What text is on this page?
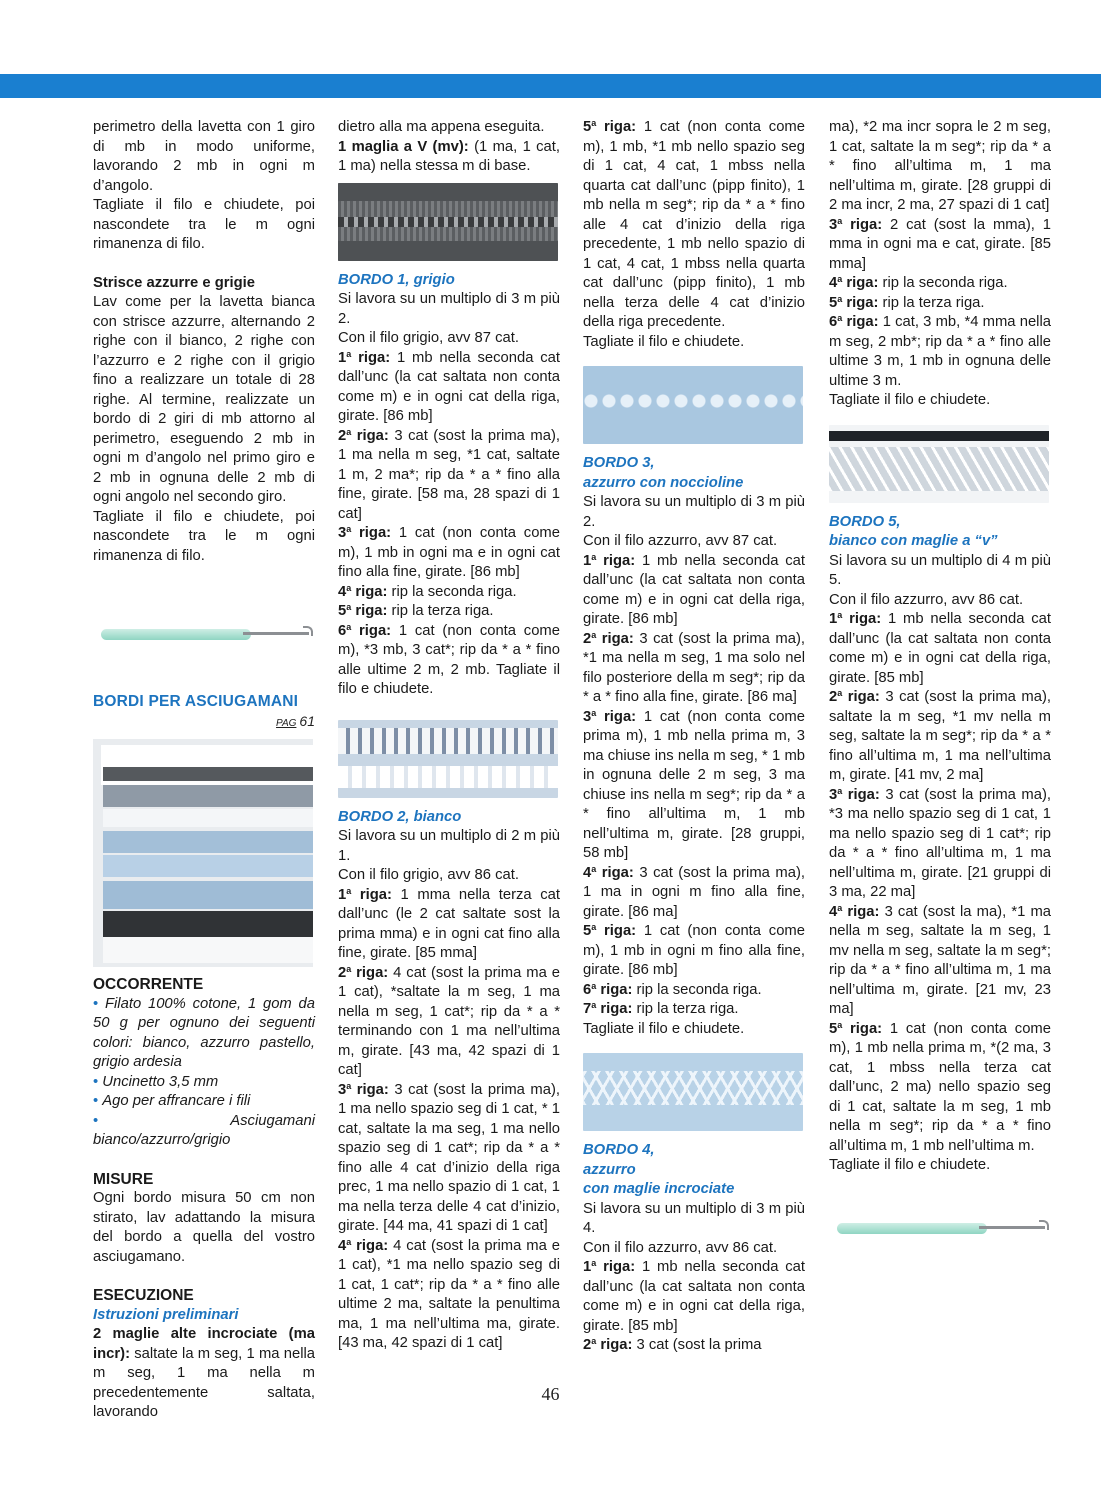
perimetro della lavetta con 1 giro di mb in modo uniforme, lavorando 2 mb in ogni m d’angolo.

Tagliate il filo e chiudete, poi nascondete tra le m ogni rimanenza di filo.

Strisce azzurre e grigie

Lav come per la lavetta bianca con strisce azzurre, alternando 2 righe con il bianco, 2 righe con l’azzurro e 2 righe con il grigio fino a realizzare un totale di 28 righe. Al termine, realizzate un bordo di 2 giri di mb attorno al perimetro, eseguendo 2 mb in ogni m d’angolo nel primo giro e 2 mb in ognuna delle 2 mb di ogni angolo nel secondo giro.

Tagliate il filo e chiudete, poi nascondete tra le m ogni rimanenza di filo.

BORDI PER ASCIUGAMANI

PAG 61

OCCORRENTE

• Filato 100% cotone, 1 gom da 50 g per ognuno dei seguenti colori: bianco, azzurro pastello, grigio ardesia
• Uncinetto 3,5 mm
• Ago per affrancare i fili
• Asciugamani bianco/azzurro/grigio

MISURE

Ogni bordo misura 50 cm non stirato, lav adattando la misura del bordo a quella del vostro asciugamano.

ESECUZIONE

Istruzioni preliminari

2 maglie alte incrociate (ma incr): saltate la m seg, 1 ma nella m seg, 1 ma nella m precedentemente saltata, lavorando

dietro alla ma appena eseguita.

1 maglia a V (mv): (1 ma, 1 cat, 1 ma) nella stessa m di base.

BORDO 1, grigio

Si lavora su un multiplo di 3 m più 2.

Con il filo grigio, avv 87 cat.

1$^a$ riga: 1 mb nella seconda cat dall’unc (la cat saltata non conta come m) e in ogni cat della riga, girate. [86 mb]

2$^a$ riga: 3 cat (sost la prima ma), 1 ma nella m seg, *1 cat, saltate 1 m, 2 ma*; rip da * a * fino alla fine, girate. [58 ma, 28 spazi di 1 cat]

3$^a$ riga: 1 cat (non conta come m), 1 mb in ogni ma e in ogni cat fino alla fine, girate. [86 mb]

4$^a$ riga: rip la seconda riga.

5$^a$ riga: rip la terza riga.

6$^a$ riga: 1 cat (non conta come m), *3 mb, 3 cat*; rip da * a * fino alle ultime 2 m, 2 mb. Tagliate il filo e chiudete.

BORDO 2, bianco

Si lavora su un multiplo di 2 m più 1.

Con il filo grigio, avv 86 cat.

1$^a$ riga: 1 mma nella terza cat dall’unc (le 2 cat saltate sost la prima mma) e in ogni cat fino alla fine, girate. [85 mma]

2$^a$ riga: 4 cat (sost la prima ma e 1 cat), *saltate la m seg, 1 ma nella m seg, 1 cat*; rip da * a * terminando con 1 ma nell’ultima m, girate. [43 ma, 42 spazi di 1 cat]

3$^a$ riga: 3 cat (sost la prima ma), 1 ma nello spazio seg di 1 cat, * 1 cat, saltate la ma seg, 1 ma nello spazio seg di 1 cat*; rip da * a * fino alle 4 cat d’inizio della riga prec, 1 ma nello spazio di 1 cat, 1 ma nella terza delle 4 cat d’inizio, girate. [44 ma, 41 spazi di 1 cat]

4$^a$ riga: 4 cat (sost la prima ma e 1 cat), *1 ma nello spazio seg di 1 cat, 1 cat*; rip da * a * fino alle ultime 2 ma, saltate la penultima ma, 1 ma nell’ultima ma, girate. [43 ma, 42 spazi di 1 cat]

5$^a$ riga: 1 cat (non conta come m), 1 mb, *1 mb nello spazio seg di 1 cat, 4 cat, 1 mbss nella quarta cat dall’unc (pipp finito), 1 mb nella m seg*; rip da * a * fino alle 4 cat d’inizio della riga precedente, 1 mb nello spazio di 1 cat, 4 cat, 1 mbss nella quarta cat dall’unc (pipp finito), 1 mb nella terza delle 4 cat d’inizio della riga precedente.

Tagliate il filo e chiudete.

BORDO 3,

azzurro con noccioline

Si lavora su un multiplo di 3 m più 2.

Con il filo azzurro, avv 87 cat.

1$^a$ riga: 1 mb nella seconda cat dall’unc (la cat saltata non conta come m) e in ogni cat della riga, girate. [86 mb]

2$^a$ riga: 3 cat (sost la prima ma), *1 ma nella m seg, 1 ma solo nel filo posteriore della m seg*; rip da * a * fino alla fine, girate. [86 ma]

3$^a$ riga: 1 cat (non conta come prima m), 1 mb nella prima m, 3 ma chiuse ins nella m seg, * 1 mb in ognuna delle 2 m seg, 3 ma chiuse ins nella m seg*; rip da * a * fino all’ultima m, 1 mb nell’ultima m, girate. [28 gruppi, 58 mb]

4$^a$ riga: 3 cat (sost la prima ma), 1 ma in ogni m fino alla fine, girate. [86 ma]

5$^a$ riga: 1 cat (non conta come m), 1 mb in ogni m fino alla fine, girate. [86 mb]

6$^a$ riga: rip la seconda riga.

7$^a$ riga: rip la terza riga.

Tagliate il filo e chiudete.

BORDO 4,

azzurro

con maglie incrociate

Si lavora su un multiplo di 3 m più 4.

Con il filo azzurro, avv 86 cat.

1$^a$ riga: 1 mb nella seconda cat dall’unc (la cat saltata non conta come m) e in ogni cat della riga, girate. [85 mb]

2$^a$ riga: 3 cat (sost la prima

ma), *2 ma incr sopra le 2 m seg, 1 cat, saltate la m seg*; rip da * a * fino all’ultima m, 1 ma nell’ultima m, girate. [28 gruppi di 2 ma incr, 2 ma, 27 spazi di 1 cat]

3$^a$ riga: 2 cat (sost la mma), 1 mma in ogni ma e cat, girate. [85 mma]

4$^a$ riga: rip la seconda riga.

5$^a$ riga: rip la terza riga.

6$^a$ riga: 1 cat, 3 mb, *4 mma nella m seg, 2 mb*; rip da * a * fino alle ultime 3 m, 1 mb in ognuna delle ultime 3 m.

Tagliate il filo e chiudete.

BORDO 5,

bianco con maglie a “v”

Si lavora su un multiplo di 4 m più 5.

Con il filo azzurro, avv 86 cat.

1$^a$ riga: 1 mb nella seconda cat dall’unc (la cat saltata non conta come m) e in ogni cat della riga, girate. [85 mb]

2$^a$ riga: 3 cat (sost la prima ma), saltate la m seg, *1 mv nella m seg, saltate la m seg*; rip da * a * fino all’ultima m, 1 ma nell’ultima m, girate. [41 mv, 2 ma]

3$^a$ riga: 3 cat (sost la prima ma), *3 ma nello spazio seg di 1 cat, 1 ma nello spazio seg di 1 cat*; rip da * a * fino all’ultima m, 1 ma nell’ultima m, girate. [21 gruppi di 3 ma, 22 ma]

4$^a$ riga: 3 cat (sost la ma), *1 ma nella m seg, saltate la m seg, 1 mv nella m seg, saltate la m seg*; rip da * a * fino all’ultima m, 1 ma nell’ultima m, girate. [21 mv, 23 ma]

5$^a$ riga: 1 cat (non conta come m), 1 mb nella prima m, *(2 ma, 3 cat, 1 mbss nella terza cat dall’unc, 2 ma) nello spazio seg di 1 cat, saltate la m seg, 1 mb nella m seg*; rip da * a * fino all’ultima m, 1 mb nell’ultima m.

Tagliate il filo e chiudete.

46
